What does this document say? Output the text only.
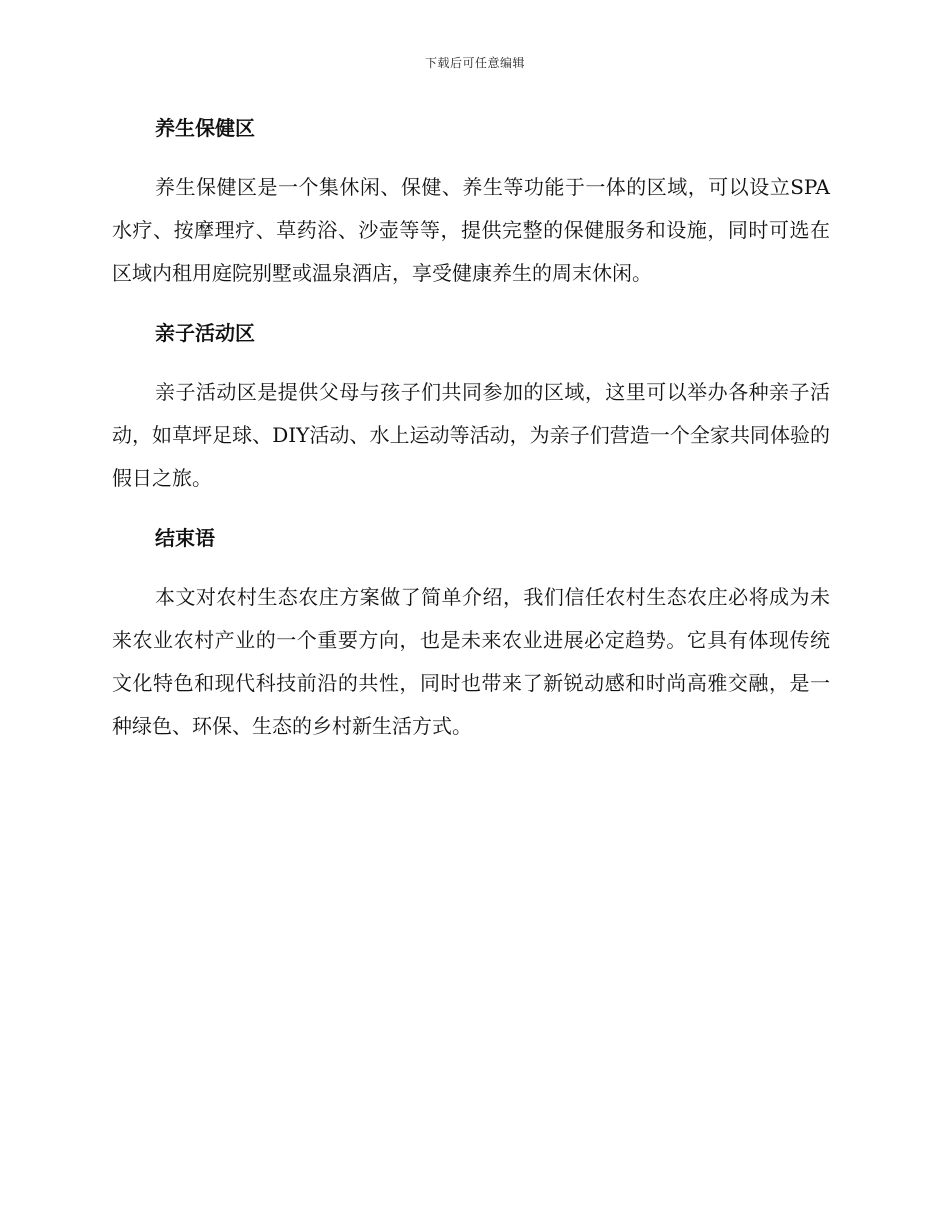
下载后可任意编辑
养生保健区

养生保健区是一个集休闲、保健、养生等功能于一体的区域，可以设立SPA水疗、按摩理疗、草药浴、沙壶等等，提供完整的保健服务和设施，同时可选在区域内租用庭院别墅或温泉酒店，享受健康养生的周末休闲。

亲子活动区

亲子活动区是提供父母与孩子们共同参加的区域，这里可以举办各种亲子活动，如草坪足球、DIY活动、水上运动等活动，为亲子们营造一个全家共同体验的假日之旅。

结束语

本文对农村生态农庄方案做了简单介绍，我们信任农村生态农庄必将成为未来农业农村产业的一个重要方向，也是未来农业进展必定趋势。它具有体现传统文化特色和现代科技前沿的共性，同时也带来了新锐动感和时尚高雅交融，是一种绿色、环保、生态的乡村新生活方式。
